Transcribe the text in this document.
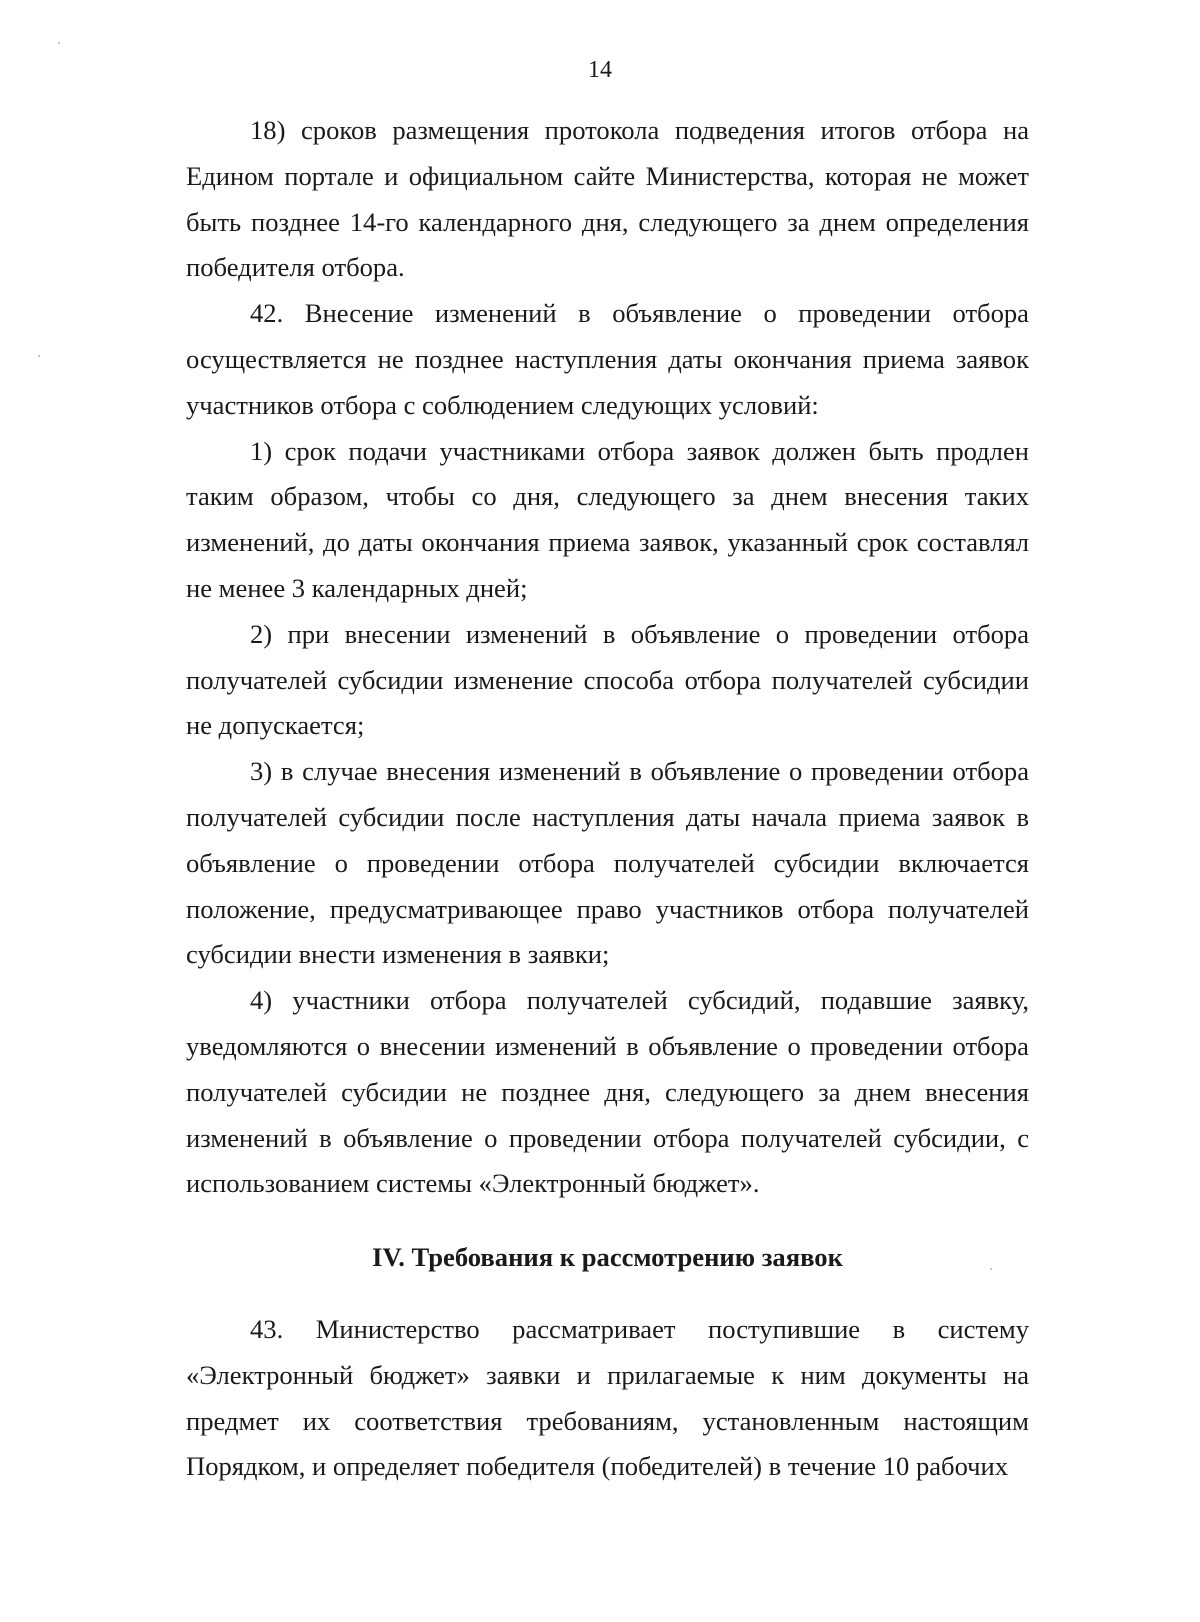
14

18) сроков размещения протокола подведения итогов отбора на Едином портале и официальном сайте Министерства, которая не может быть позднее 14-го календарного дня, следующего за днем определения победителя отбора.

42. Внесение изменений в объявление о проведении отбора осуществляется не позднее наступления даты окончания приема заявок участников отбора с соблюдением следующих условий:

1) срок подачи участниками отбора заявок должен быть продлен таким образом, чтобы со дня, следующего за днем внесения таких изменений, до даты окончания приема заявок, указанный срок составлял не менее 3 календарных дней;

2) при внесении изменений в объявление о проведении отбора получателей субсидии изменение способа отбора получателей субсидии не допускается;

3) в случае внесения изменений в объявление о проведении отбора получателей субсидии после наступления даты начала приема заявок в объявление о проведении отбора получателей субсидии включается положение, предусматривающее право участников отбора получателей субсидии внести изменения в заявки;

4) участники отбора получателей субсидий, подавшие заявку, уведомляются о внесении изменений в объявление о проведении отбора получателей субсидии не позднее дня, следующего за днем внесения изменений в объявление о проведении отбора получателей субсидии, с использованием системы «Электронный бюджет».

IV. Требования к рассмотрению заявок

43. Министерство рассматривает поступившие в систему «Электронный бюджет» заявки и прилагаемые к ним документы на предмет их соответствия требованиям, установленным настоящим Порядком, и определяет победителя (победителей) в течение 10 рабочих
